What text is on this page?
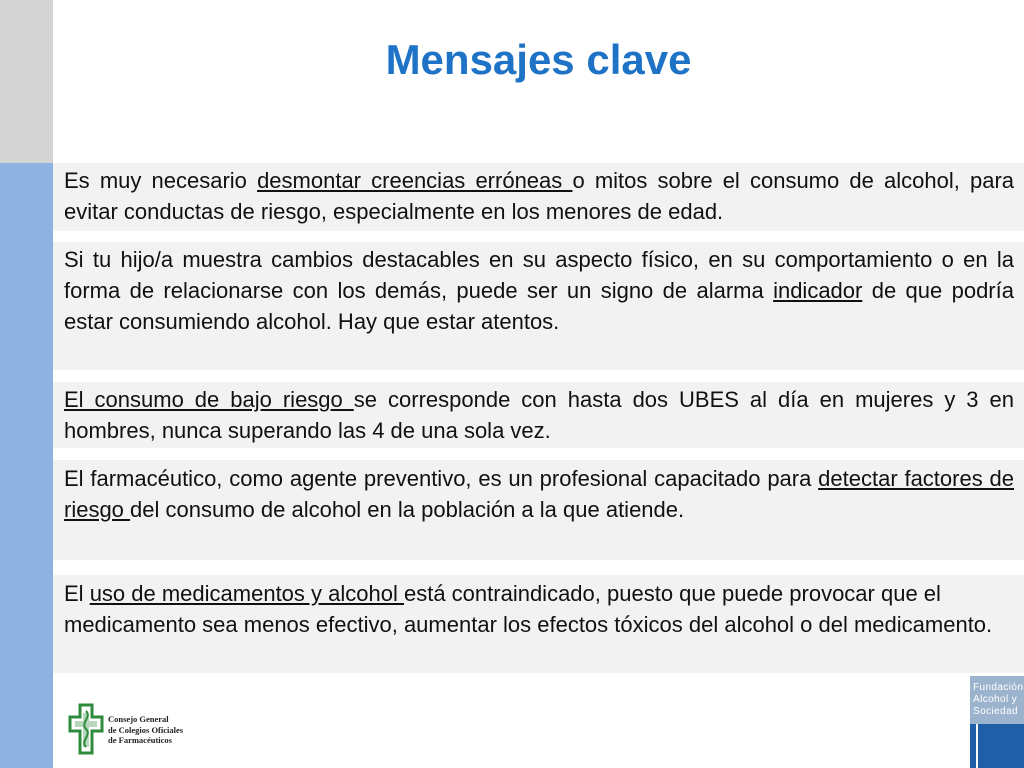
Mensajes clave
Es muy necesario desmontar creencias erróneas o mitos sobre el consumo de alcohol, para evitar conductas de riesgo, especialmente en los menores de edad.
Si tu hijo/a muestra cambios destacables en su aspecto físico, en su comportamiento o en la forma de relacionarse con los demás, puede ser un signo de alarma indicador de que podría estar consumiendo alcohol. Hay que estar atentos.
El consumo de bajo riesgo se corresponde con hasta dos UBES al día en mujeres y 3 en hombres, nunca superando las 4 de una sola vez.
El farmacéutico, como agente preventivo, es un profesional capacitado para detectar factores de riesgo del consumo de alcohol en la población a la que atiende.
El uso de medicamentos y alcohol está contraindicado, puesto que puede provocar que el medicamento sea menos efectivo, aumentar los efectos tóxicos del alcohol o del medicamento.
Consejo General
de Colegios Oficiales
de Farmacéuticos
Fundación
Alcohol y
Sociedad
